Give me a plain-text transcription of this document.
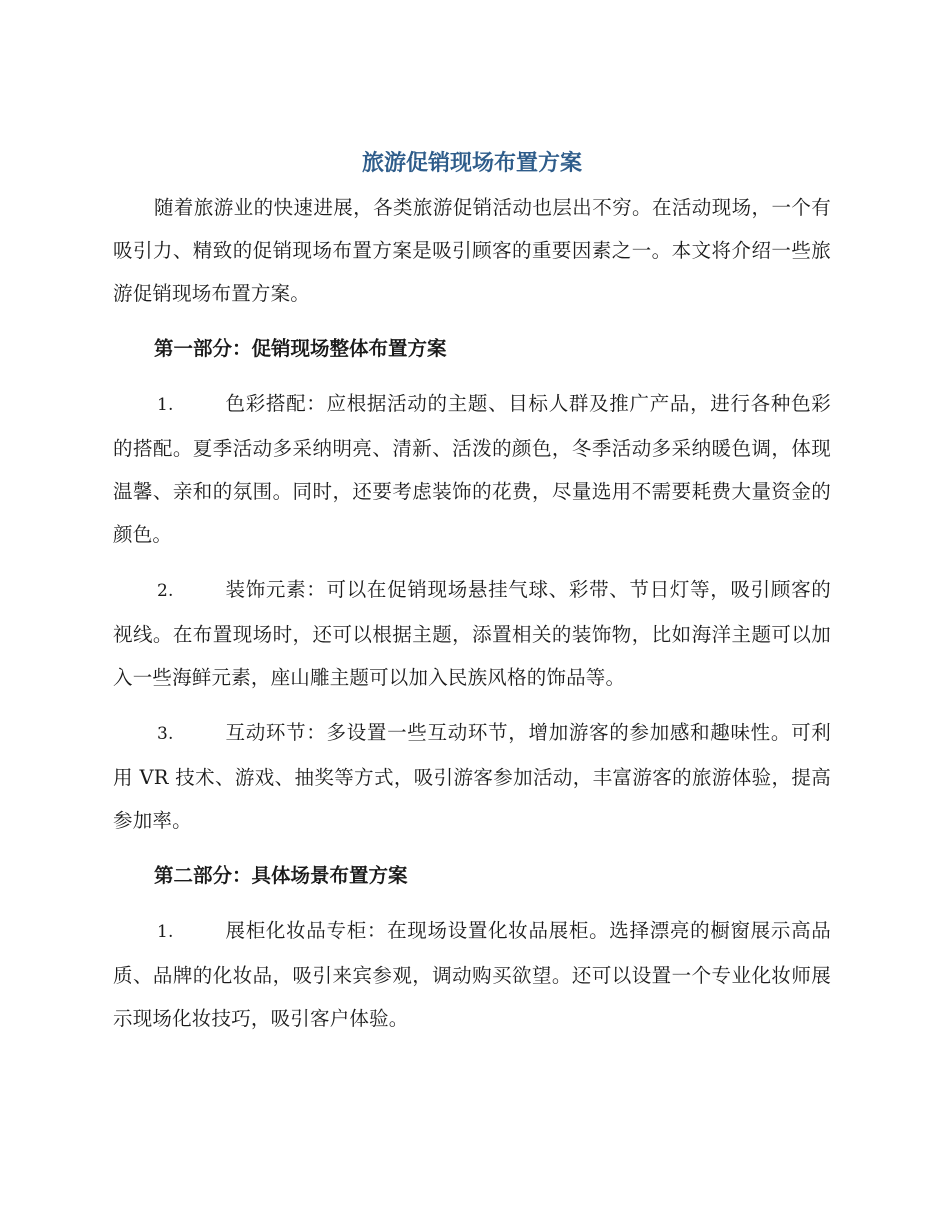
旅游促销现场布置方案

随着旅游业的快速进展，各类旅游促销活动也层出不穷。在活动现场，一个有吸引力、精致的促销现场布置方案是吸引顾客的重要因素之一。本文将介绍一些旅游促销现场布置方案。

第一部分：促销现场整体布置方案
1.	色彩搭配：应根据活动的主题、目标人群及推广产品，进行各种色彩的搭配。夏季活动多采纳明亮、清新、活泼的颜色，冬季活动多采纳暖色调，体现温馨、亲和的氛围。同时，还要考虑装饰的花费，尽量选用不需要耗费大量资金的颜色。
2.	装饰元素：可以在促销现场悬挂气球、彩带、节日灯等，吸引顾客的视线。在布置现场时，还可以根据主题，添置相关的装饰物，比如海洋主题可以加入一些海鲜元素，座山雕主题可以加入民族风格的饰品等。
3.	互动环节：多设置一些互动环节，增加游客的参加感和趣味性。可利用 VR 技术、游戏、抽奖等方式，吸引游客参加活动，丰富游客的旅游体验，提高参加率。
第二部分：具体场景布置方案
1.	展柜化妆品专柜：在现场设置化妆品展柜。选择漂亮的橱窗展示高品质、品牌的化妆品，吸引来宾参观，调动购买欲望。还可以设置一个专业化妆师展示现场化妆技巧，吸引客户体验。
